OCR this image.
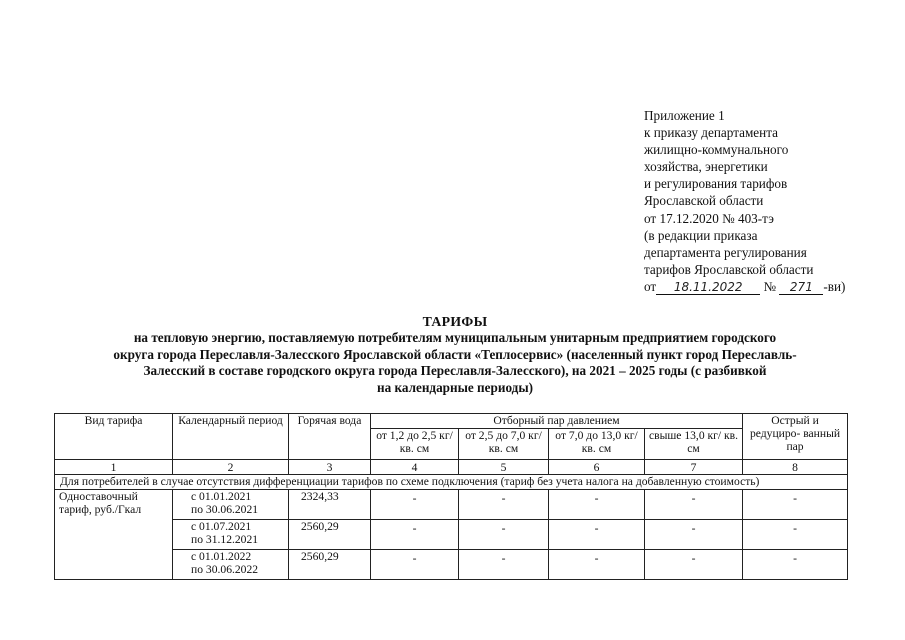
Приложение 1
к приказу департамента
жилищно-коммунального
хозяйства, энергетики
и регулирования тарифов
Ярославской области
от 17.12.2020 № 403-тэ
(в редакции приказа
департамента регулирования
тарифов Ярославской области
от 18.11.2022 № 271 -ви)
ТАРИФЫ
на тепловую энергию, поставляемую потребителям муниципальным унитарным предприятием городского
округа города Переславля-Залесского Ярославской области «Теплосервис» (населенный пункт город Переславль-
Залесский в составе городского округа города Переславля-Залесского), на 2021 – 2025 годы (с разбивкой
на календарные периоды)
Вид тарифа	Календарный период	Горячая вода	Отборный пар давлением				Острый и редуциро- ванный пар
			от 1,2 до 2,5 кг/ кв. см	от 2,5 до 7,0 кг/ кв. см	от 7,0 до 13,0 кг/ кв. см	свыше 13,0 кг/ кв. см	
1	2	3	4	5	6	7	8
Для потребителей в случае отсутствия дифференциации тарифов по схеме подключения (тариф без учета налога на добавленную стоимость)							
Одноставочный тариф, руб./Гкал	с 01.01.2021
по 30.06.2021	2324,33	-	-	-	-	-

	с 01.07.2021
по 31.12.2021	2560,29	-	-	-	-	-

	с 01.01.2022
по 30.06.2022	2560,29	-	-	-	-	-
